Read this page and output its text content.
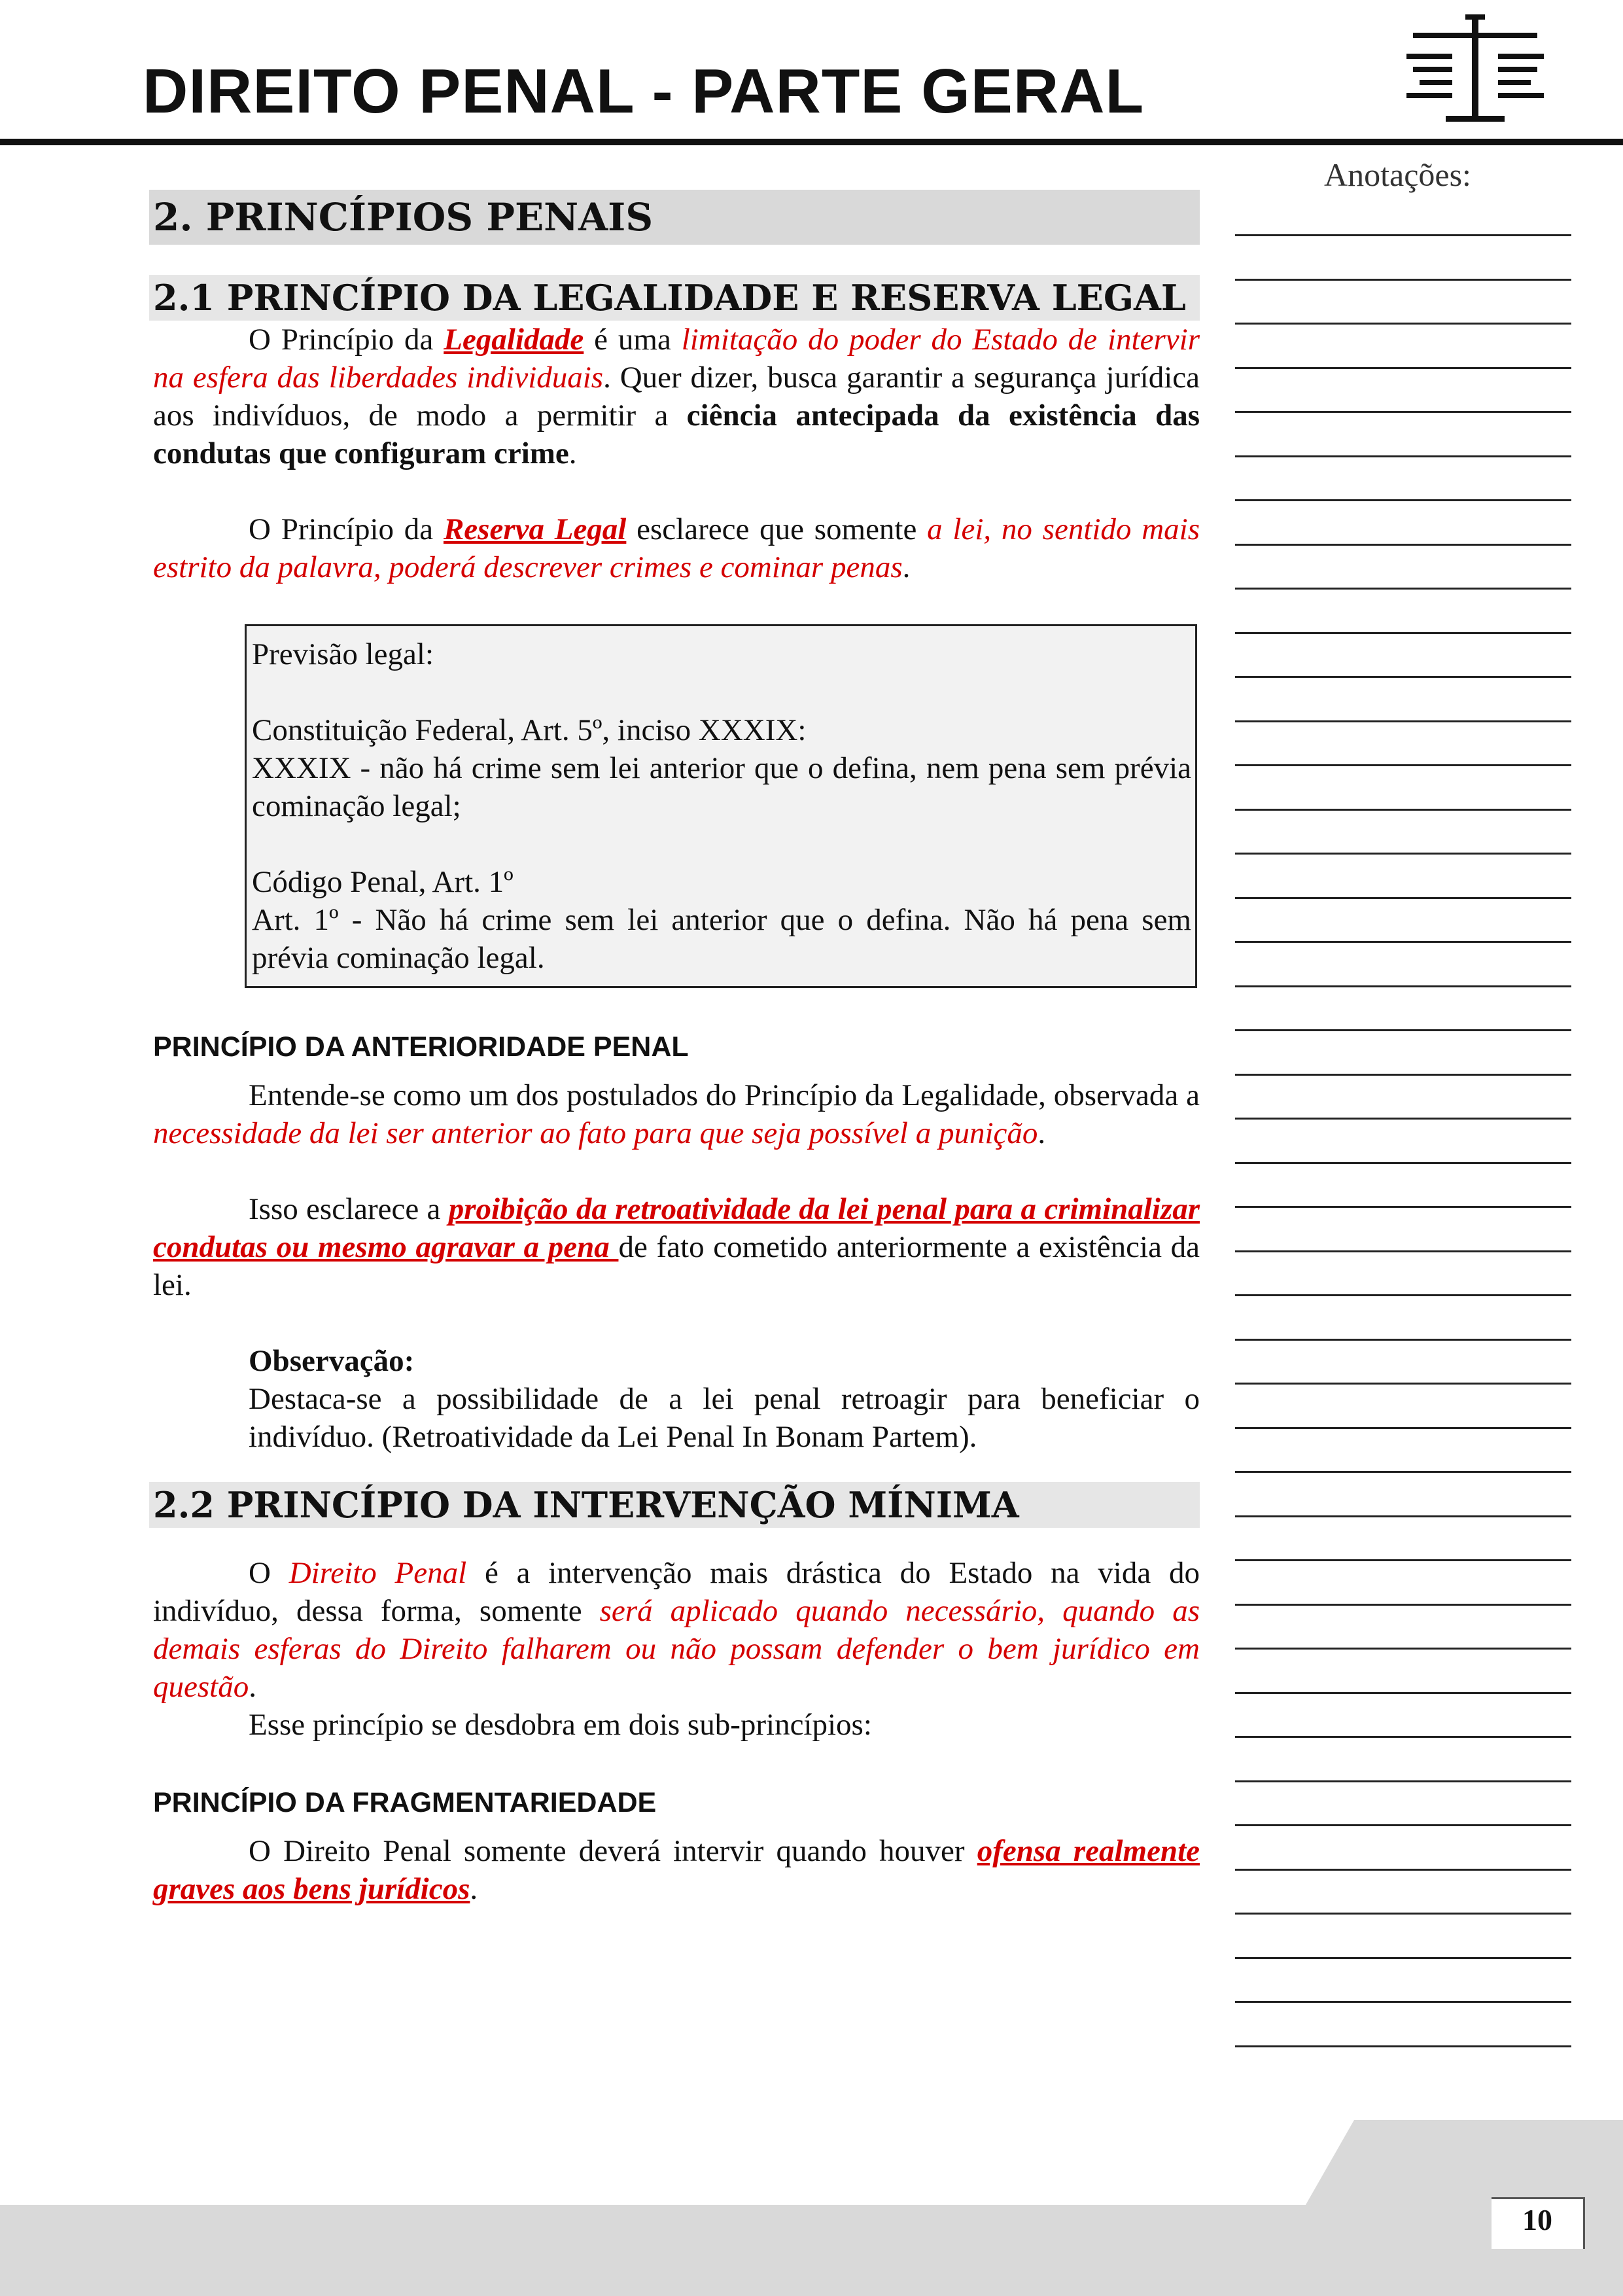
DIREITO PENAL - PARTE GERAL
Anotações:
2. PRINCÍPIOS PENAIS
2.1 PRINCÍPIO DA LEGALIDADE E RESERVA LEGAL

O Princípio da Legalidade é uma limitação do poder do Estado de intervir na esfera das liberdades individuais. Quer dizer, busca garantir a segurança jurídica aos indivíduos, de modo a permitir a ciência antecipada da existência das condutas que configuram crime.

O Princípio da Reserva Legal esclarece que somente a lei, no sentido mais estrito da palavra, poderá descrever crimes e cominar penas.

Previsão legal:

Constituição Federal, Art. 5º, inciso XXXIX:

XXXIX - não há crime sem lei anterior que o defina, nem pena sem prévia cominação legal;

Código Penal, Art. 1º

Art. 1º - Não há crime sem lei anterior que o defina. Não há pena sem prévia cominação legal.

PRINCÍPIO DA ANTERIORIDADE PENAL

Entende-se como um dos postulados do Princípio da Legalidade, observada a necessidade da lei ser anterior ao fato para que seja possível a punição.

Isso esclarece a proibição da retroatividade da lei penal para a criminalizar condutas ou mesmo agravar a pena de fato cometido anteriormente a existência da lei.

Observação:

Destaca-se a possibilidade de a lei penal retroagir para beneficiar o indivíduo. (Retroatividade da Lei Penal In Bonam Partem).

2.2 PRINCÍPIO DA INTERVENÇÃO MÍNIMA

O Direito Penal é a intervenção mais drástica do Estado na vida do indivíduo, dessa forma, somente será aplicado quando necessário, quando as demais esferas do Direito falharem ou não possam defender o bem jurídico em questão.

Esse princípio se desdobra em dois sub-princípios:

PRINCÍPIO DA FRAGMENTARIEDADE

O Direito Penal somente deverá intervir quando houver ofensa realmente graves aos bens jurídicos.

10
